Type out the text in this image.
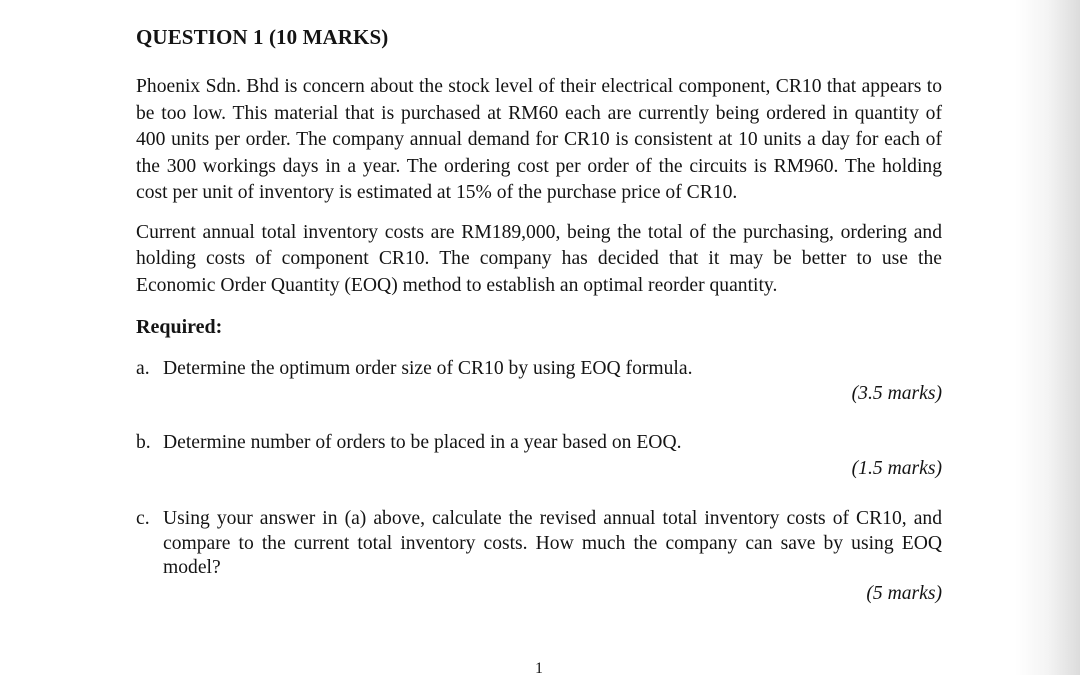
QUESTION 1 (10 MARKS)

Phoenix Sdn. Bhd is concern about the stock level of their electrical component, CR10 that appears to be too low. This material that is purchased at RM60 each are currently being ordered in quantity of 400 units per order. The company annual demand for CR10 is consistent at 10 units a day for each of the 300 workings days in a year. The ordering cost per order of the circuits is RM960. The holding cost per unit of inventory is estimated at 15% of the purchase price of CR10.

Current annual total inventory costs are RM189,000, being the total of the purchasing, ordering and holding costs of component CR10. The company has decided that it may be better to use the Economic Order Quantity (EOQ) method to establish an optimal reorder quantity.

Required:
a. Determine the optimum order size of CR10 by using EOQ formula.
(3.5 marks)
b. Determine number of orders to be placed in a year based on EOQ.
(1.5 marks)
c. Using your answer in (a) above, calculate the revised annual total inventory costs of CR10, and compare to the current total inventory costs. How much the company can save by using EOQ model?
(5 marks)
1
